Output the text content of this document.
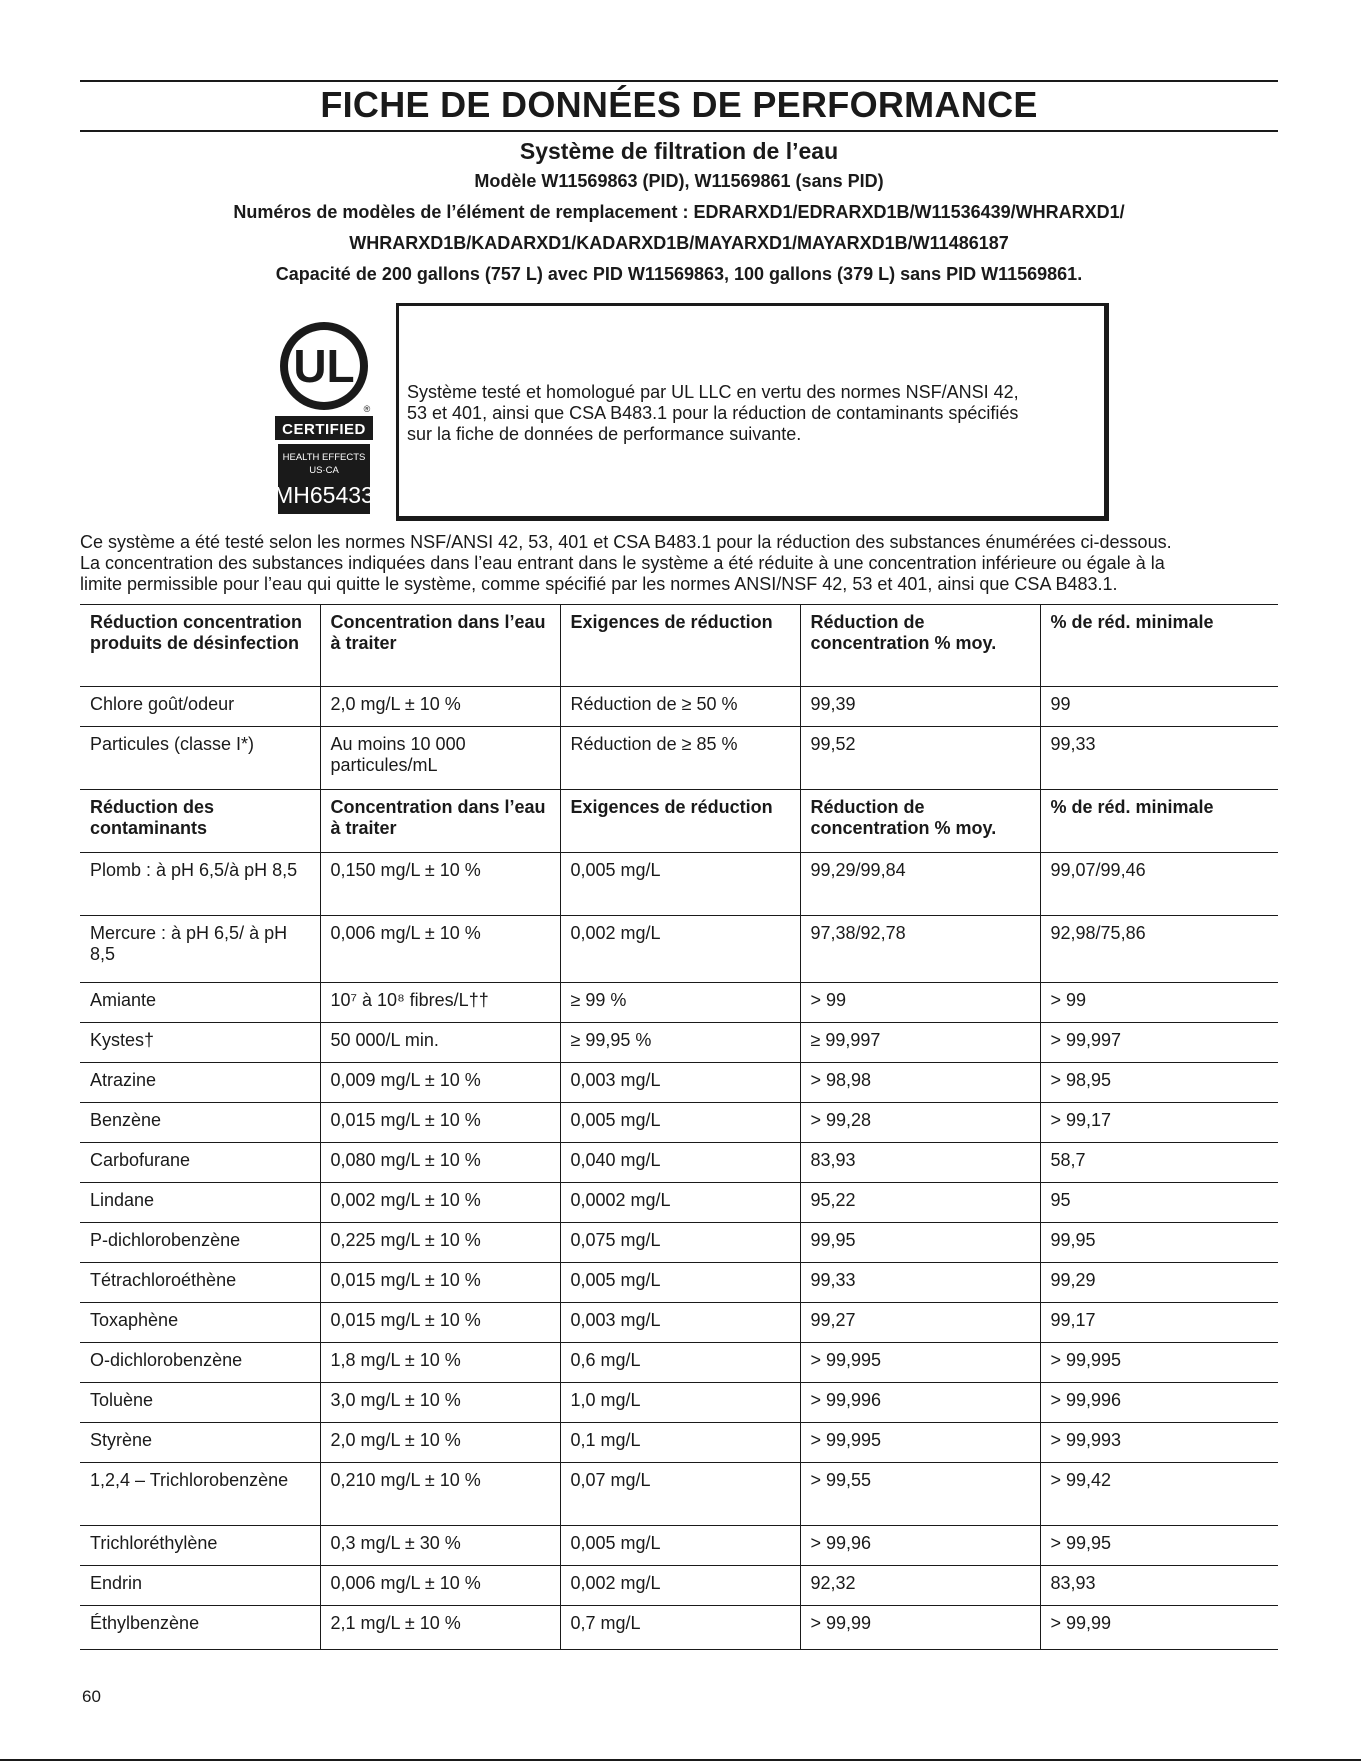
FICHE DE DONNÉES DE PERFORMANCE
Système de filtration de l’eau
Modèle W11569863 (PID), W11569861 (sans PID)
Numéros de modèles de l’élément de remplacement : EDRARXD1/EDRARXD1B/W11536439/WHRARXD1/
WHRARXD1B/KADARXD1/KADARXD1B/MAYARXD1/MAYARXD1B/W11486187
Capacité de 200 gallons (757 L) avec PID W11569863, 100 gallons (379 L) sans PID W11569861.
UL
®
CERTIFIED
HEALTH EFFECTS
US·CA
MH65433
Système testé et homologué par UL LLC en vertu des normes NSF/ANSI 42,
53 et 401, ainsi que CSA B483.1 pour la réduction de contaminants spécifiés
sur la fiche de données de performance suivante.
Ce système a été testé selon les normes NSF/ANSI 42, 53, 401 et CSA B483.1 pour la réduction des substances énumérées ci-dessous.
La concentration des substances indiquées dans l’eau entrant dans le système a été réduite à une concentration inférieure ou égale à la
limite permissible pour l’eau qui quitte le système, comme spécifié par les normes ANSI/NSF 42, 53 et 401, ainsi que CSA B483.1.
Réduction concentration produits de désinfection	Concentration dans l’eau à traiter	Exigences de réduction	Réduction de concentration % moy.	% de réd. minimale
Chlore goût/odeur	2,0 mg/L ± 10 %	Réduction de ≥ 50 %	99,39	99
Particules (classe I*)	Au moins 10 000 particules/mL	Réduction de ≥ 85 %	99,52	99,33
Réduction des contaminants	Concentration dans l’eau à traiter	Exigences de réduction	Réduction de concentration % moy.	% de réd. minimale
Plomb : à pH 6,5/à pH 8,5	0,150 mg/L ± 10 %	0,005 mg/L	99,29/99,84	99,07/99,46
Mercure : à pH 6,5/ à pH 8,5	0,006 mg/L ± 10 %	0,002 mg/L	97,38/92,78	92,98/75,86
Amiante	10⁷ à 10⁸ fibres/L††	≥ 99 %	> 99	> 99
Kystes†	50 000/L min.	≥ 99,95 %	≥ 99,997	> 99,997
Atrazine	0,009 mg/L ± 10 %	0,003 mg/L	> 98,98	> 98,95
Benzène	0,015 mg/L ± 10 %	0,005 mg/L	> 99,28	> 99,17
Carbofurane	0,080 mg/L ± 10 %	0,040 mg/L	83,93	58,7
Lindane	0,002 mg/L ± 10 %	0,0002 mg/L	95,22	95
P-dichlorobenzène	0,225 mg/L ± 10 %	0,075 mg/L	99,95	99,95
Tétrachloroéthène	0,015 mg/L ± 10 %	0,005 mg/L	99,33	99,29
Toxaphène	0,015 mg/L ± 10 %	0,003 mg/L	99,27	99,17
O-dichlorobenzène	1,8 mg/L ± 10 %	0,6 mg/L	> 99,995	> 99,995
Toluène	3,0 mg/L ± 10 %	1,0 mg/L	> 99,996	> 99,996
Styrène	2,0 mg/L ± 10 %	0,1 mg/L	> 99,995	> 99,993
1,2,4 – Trichlorobenzène	0,210 mg/L ± 10 %	0,07 mg/L	> 99,55	> 99,42
Trichloréthylène	0,3 mg/L ± 30 %	0,005 mg/L	> 99,96	> 99,95
Endrin	0,006 mg/L ± 10 %	0,002 mg/L	92,32	83,93
Éthylbenzène	2,1 mg/L ± 10 %	0,7 mg/L	> 99,99	> 99,99
60
